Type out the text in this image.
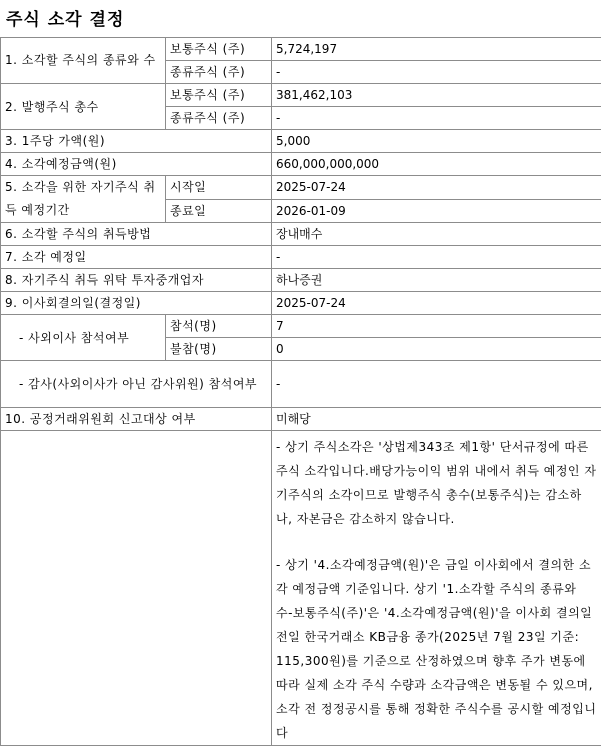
주식 소각 결정
1. 소각할 주식의 종류와 수	보통주식 (주)	5,724,197
	종류주식 (주)	-
2. 발행주식 총수	보통주식 (주)	381,462,103
	종류주식 (주)	-
3. 1주당 가액(원)		5,000
4. 소각예정금액(원)		660,000,000,000
5. 소각을 위한 자기주식 취득 예정기간	시작일	2025-07-24
	종료일	2026-01-09
6. 소각할 주식의 취득방법		장내매수
7. 소각 예정일		-
8. 자기주식 취득 위탁 투자중개업자		하나증권
9. 이사회결의일(결정일)		2025-07-24
- 사외이사 참석여부	참석(명)	7
	불참(명)	0
- 감사(사외이사가 아닌 감사위원) 참석여부		-
10. 공정거래위원회 신고대상 여부		미해당

		- 상기 주식소각은 '상법제343조 제1항' 단서규정에 따른 주식 소각입니다.배당가능이익 범위 내에서 취득 예정인 자기주식의 소각이므로 발행주식 총수(보통주식)는 감소하나, 자본금은 감소하지 않습니다.

- 상기 '4.소각예정금액(원)'은 금일 이사회에서 결의한 소각 예정금액 기준입니다. 상기 '1.소각할 주식의 종류와 수-보통주식(주)'은 '4.소각예정금액(원)'을 이사회 결의일 전일 한국거래소 KB금융 종가(2025년 7월 23일 기준: 115,300원)를 기준으로 산정하였으며 향후 주가 변동에 따라 실제 소각 주식 수량과 소각금액은 변동될 수 있으며, 소각 전 정정공시를 통해 정확한 주식수를 공시할 예정입니다
